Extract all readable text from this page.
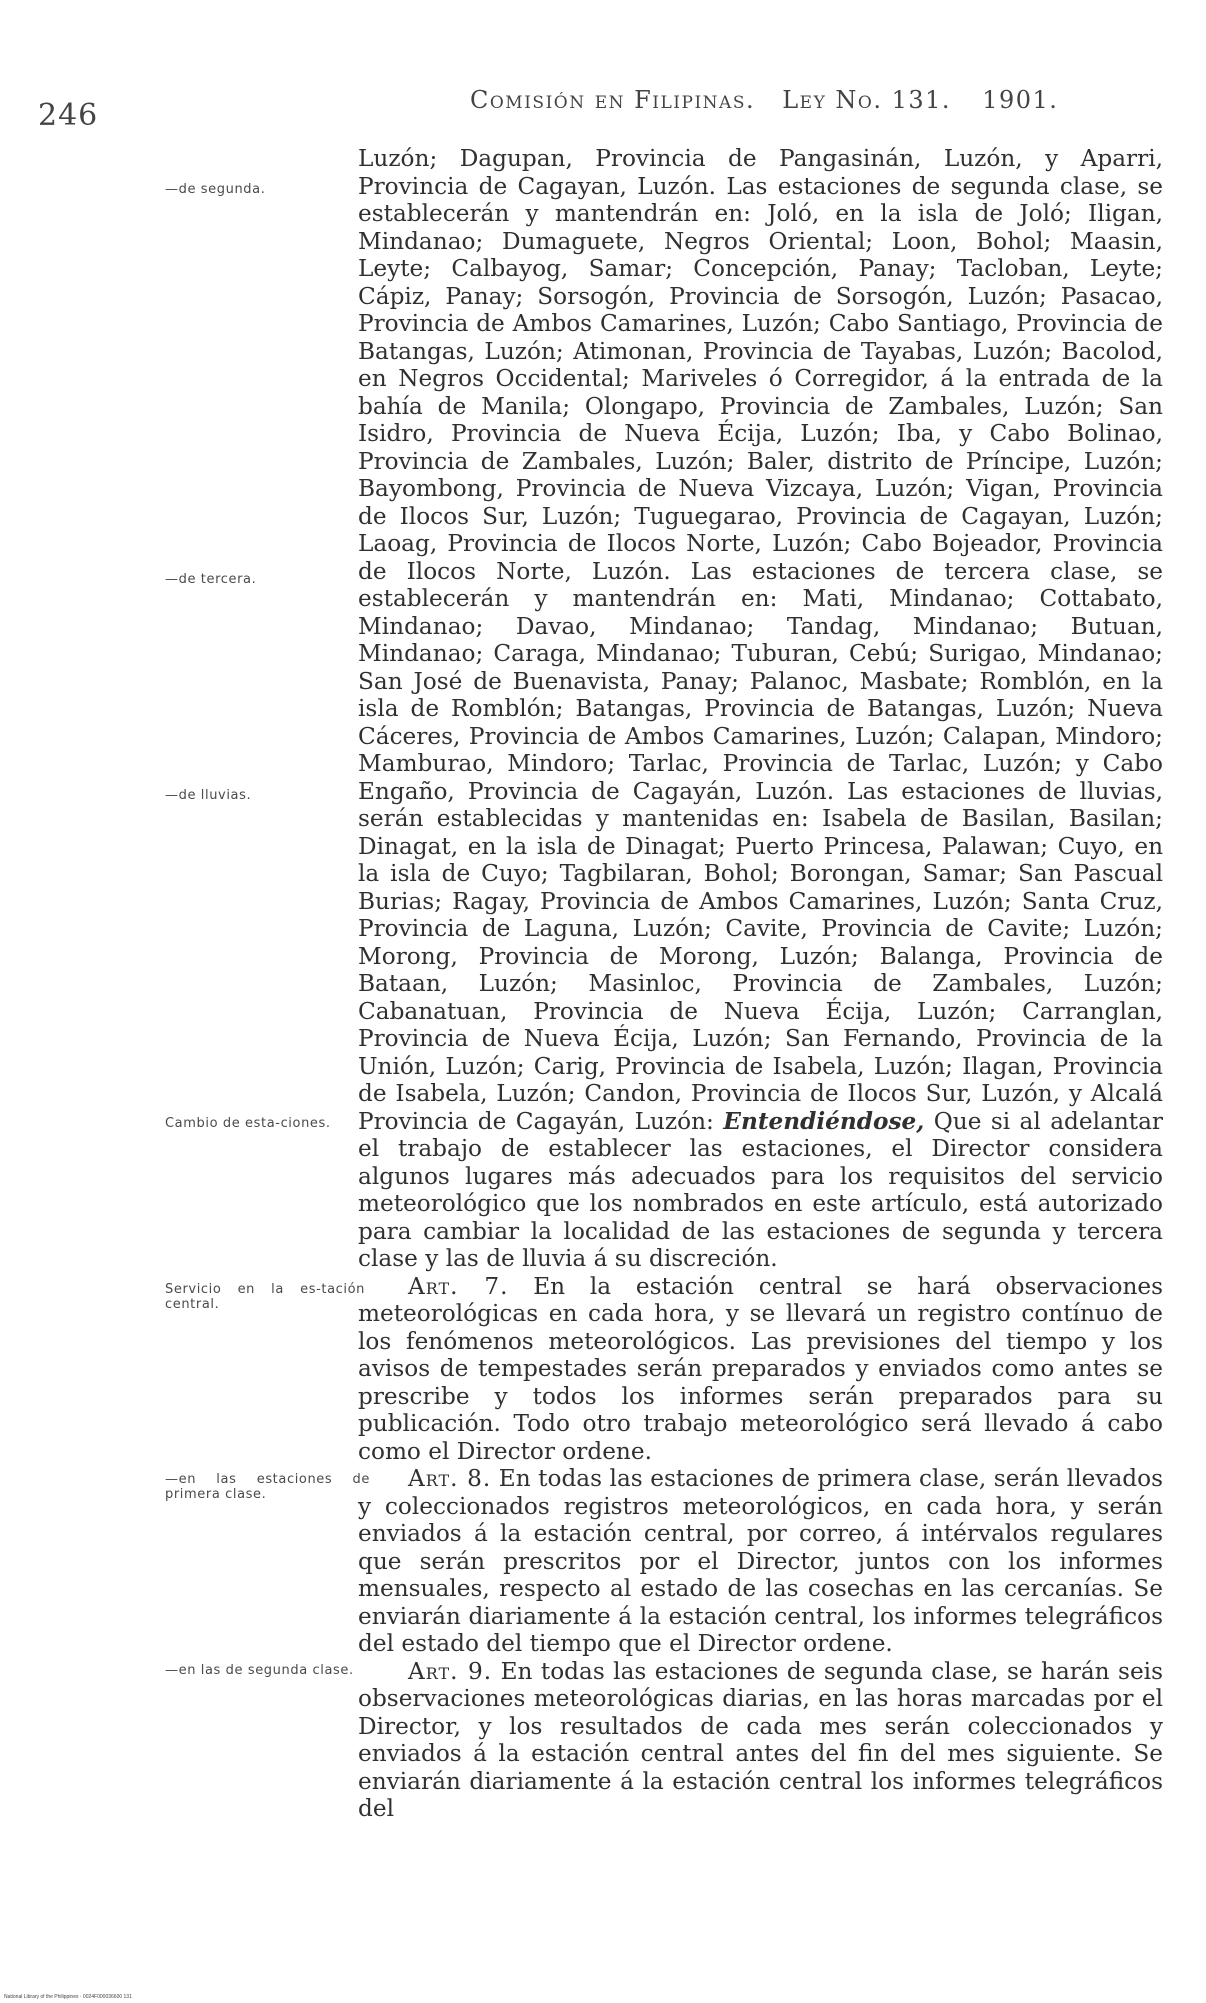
246	Comisión en Filipinas. Ley No. 131. 1901.
—de segunda.
—de tercera.
—de lluvias.
Cambio de esta-ciones.
Servicio en la es-tación central.
—en las estaciones de primera clase.
—en las de segunda clase.

Luzón; Dagupan, Provincia de Pangasinán, Luzón, y Aparri, Provincia de Cagayan, Luzón. Las estaciones de segunda clase, se establecerán y mantendrán en: Joló, en la isla de Joló; Iligan, Mindanao; Dumaguete, Negros Oriental; Loon, Bohol; Maasin, Leyte; Calbayog, Samar; Concepción, Panay; Tacloban, Leyte; Cápiz, Panay; Sorsogón, Provincia de Sorsogón, Luzón; Pasacao, Provincia de Ambos Camarines, Luzón; Cabo Santiago, Provincia de Batangas, Luzón; Atimonan, Provincia de Tayabas, Luzón; Bacolod, en Negros Occidental; Mariveles ó Corregidor, á la entrada de la bahía de Manila; Olongapo, Provincia de Zambales, Luzón; San Isidro, Provincia de Nueva Écija, Luzón; Iba, y Cabo Bolinao, Provincia de Zambales, Luzón; Baler, distrito de Príncipe, Luzón; Bayombong, Provincia de Nueva Vizcaya, Luzón; Vigan, Provincia de Ilocos Sur, Luzón; Tuguegarao, Provincia de Cagayan, Luzón; Laoag, Provincia de Ilocos Norte, Luzón; Cabo Bojeador, Provincia de Ilocos Norte, Luzón. Las estaciones de tercera clase, se establecerán y mantendrán en: Mati, Mindanao; Cottabato, Mindanao; Davao, Mindanao; Tandag, Mindanao; Butuan, Mindanao; Caraga, Mindanao; Tuburan, Cebú; Surigao, Mindanao; San José de Buenavista, Panay; Palanoc, Masbate; Romblón, en la isla de Romblón; Batangas, Provincia de Batangas, Luzón; Nueva Cáceres, Provincia de Ambos Camarines, Luzón; Calapan, Mindoro; Mamburao, Mindoro; Tarlac, Provincia de Tarlac, Luzón; y Cabo Engaño, Provincia de Cagayán, Luzón. Las estaciones de lluvias, serán establecidas y mantenidas en: Isabela de Basilan, Basilan; Dinagat, en la isla de Dinagat; Puerto Princesa, Palawan; Cuyo, en la isla de Cuyo; Tagbilaran, Bohol; Borongan, Samar; San Pascual Burias; Ragay, Provincia de Ambos Camarines, Luzón; Santa Cruz, Provincia de Laguna, Luzón; Cavite, Provincia de Cavite; Luzón; Morong, Provincia de Morong, Luzón; Balanga, Provincia de Bataan, Luzón; Masinloc, Provincia de Zambales, Luzón; Cabanatuan, Provincia de Nueva Écija, Luzón; Carranglan, Provincia de Nueva Écija, Luzón; San Fernando, Provincia de la Unión, Luzón; Carig, Provincia de Isabela, Luzón; Ilagan, Provincia de Isabela, Luzón; Candon, Provincia de Ilocos Sur, Luzón, y Alcalá Provincia de Cagayán, Luzón: Entendiéndose, Que si al adelantar el trabajo de establecer las estaciones, el Director considera algunos lugares más adecuados para los requisitos del servicio meteorológico que los nombrados en este artículo, está autorizado para cambiar la localidad de las estaciones de segunda y tercera clase y las de lluvia á su discreción.

Art. 7. En la estación central se hará observaciones meteorológicas en cada hora, y se llevará un registro contínuo de los fenómenos meteorológicos. Las previsiones del tiempo y los avisos de tempestades serán preparados y enviados como antes se prescribe y todos los informes serán preparados para su publicación. Todo otro trabajo meteorológico será llevado á cabo como el Director ordene.

Art. 8. En todas las estaciones de primera clase, serán llevados y coleccionados registros meteorológicos, en cada hora, y serán enviados á la estación central, por correo, á intérvalos regulares que serán prescritos por el Director, juntos con los informes mensuales, respecto al estado de las cosechas en las cercanías. Se enviarán diariamente á la estación central, los informes telegráficos del estado del tiempo que el Director ordene.

Art. 9. En todas las estaciones de segunda clase, se harán seis observaciones meteorológicas diarias, en las horas marcadas por el Director, y los resultados de cada mes serán coleccionados y enviados á la estación central antes del fin del mes siguiente. Se enviarán diariamente á la estación central los informes telegráficos del

National Library of the Philippines · 0024F000036600 131
